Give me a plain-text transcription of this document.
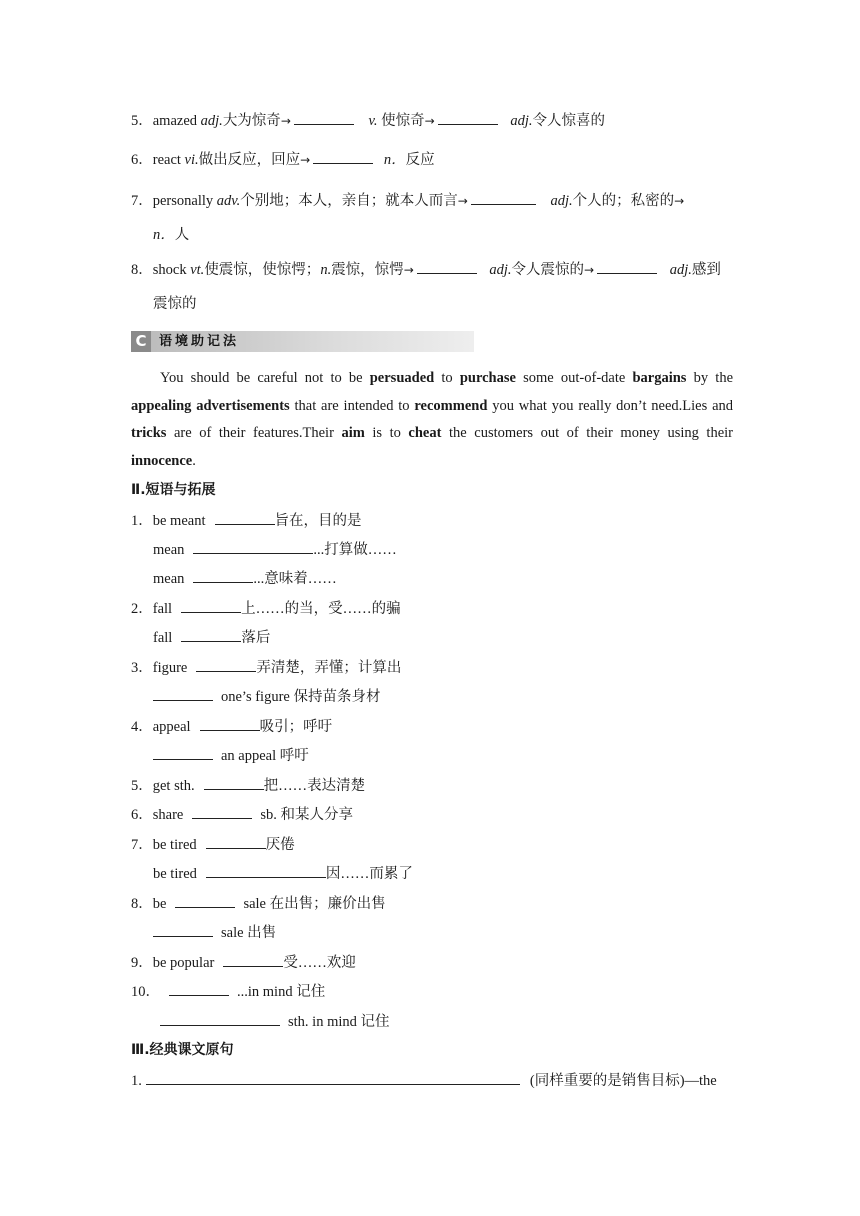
5．amazed adj.大为惊奇→	v. 使惊奇→	adj.令人惊喜的
6．react vi.做出反应，回应→	n．反应
7．personally adv.个别地；本人，亲自；就本人而言→	adj.个人的；私密的→
n．人
8．shock vt.使震惊，使惊愕；n.震惊，惊愕→	adj.令人震惊的→	adj.感到
震惊的
C 语境助记法
You should be careful not to be persuaded to purchase some out-of-date bargains by the appealing advertisements that are intended to recommend you what you really don’t need.Lies and tricks are of their features.Their aim is to cheat the customers out of their money using their innocence.
Ⅱ.短语与拓展
1．be meant	旨在，目的是
mean	...打算做……
mean	...意味着……
2．fall	上……的当，受……的骗
fall	落后
3．figure	弄清楚，弄懂；计算出
one’s figure 保持苗条身材
4．appeal	吸引；呼吁
an appeal 呼吁
5．get sth.	把……表达清楚
6．share	sb. 和某人分享
7．be tired	厌倦
be tired	因……而累了
8．be	sale 在出售；廉价出售
sale 出售
9．be popular	受……欢迎
10．	...in mind 记住
sth. in mind 记住
Ⅲ.经典课文原句
1.	(同样重要的是销售目标)—the
